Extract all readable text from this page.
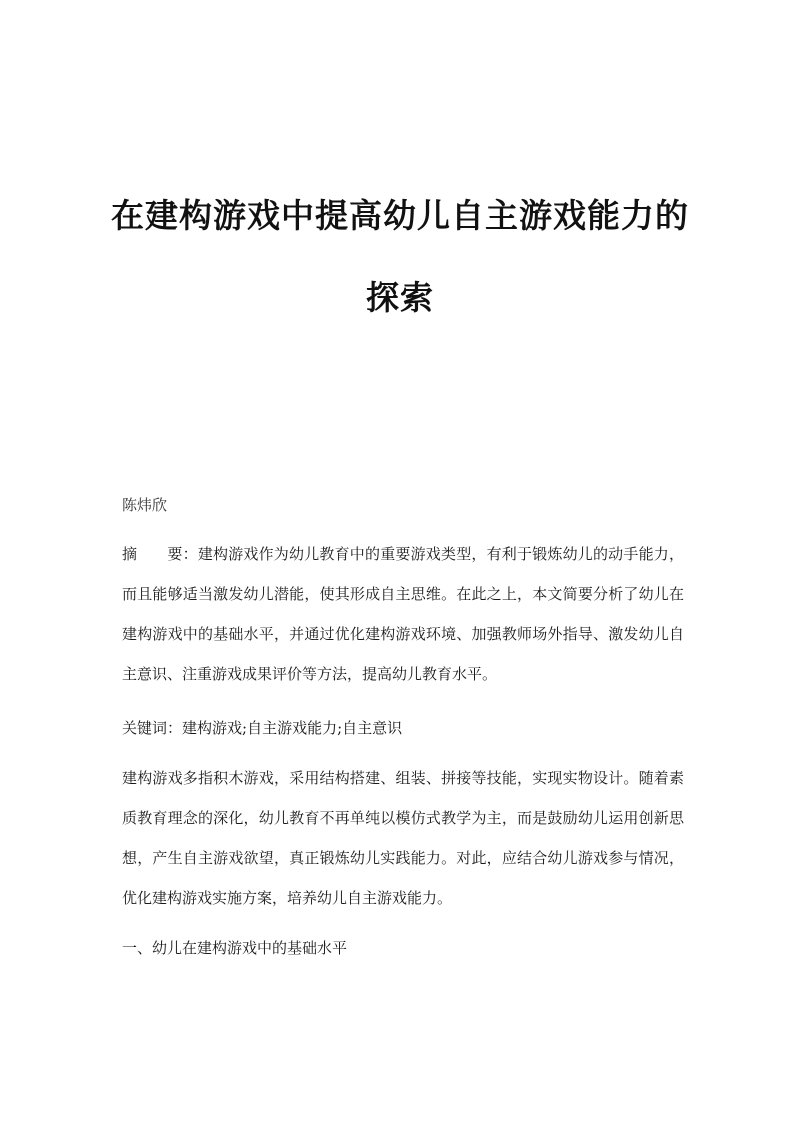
在建构游戏中提高幼儿自主游戏能力的
探索
陈炜欣
摘 要：建构游戏作为幼儿教育中的重要游戏类型，有利于锻炼幼儿的动手能力，而且能够适当激发幼儿潜能，使其形成自主思维。在此之上，本文简要分析了幼儿在建构游戏中的基础水平，并通过优化建构游戏环境、加强教师场外指导、激发幼儿自主意识、注重游戏成果评价等方法，提高幼儿教育水平。
关键词：建构游戏;自主游戏能力;自主意识
建构游戏多指积木游戏，采用结构搭建、组装、拼接等技能，实现实物设计。随着素质教育理念的深化，幼儿教育不再单纯以模仿式教学为主，而是鼓励幼儿运用创新思想，产生自主游戏欲望，真正锻炼幼儿实践能力。对此，应结合幼儿游戏参与情况，优化建构游戏实施方案，培养幼儿自主游戏能力。
一、幼儿在建构游戏中的基础水平
